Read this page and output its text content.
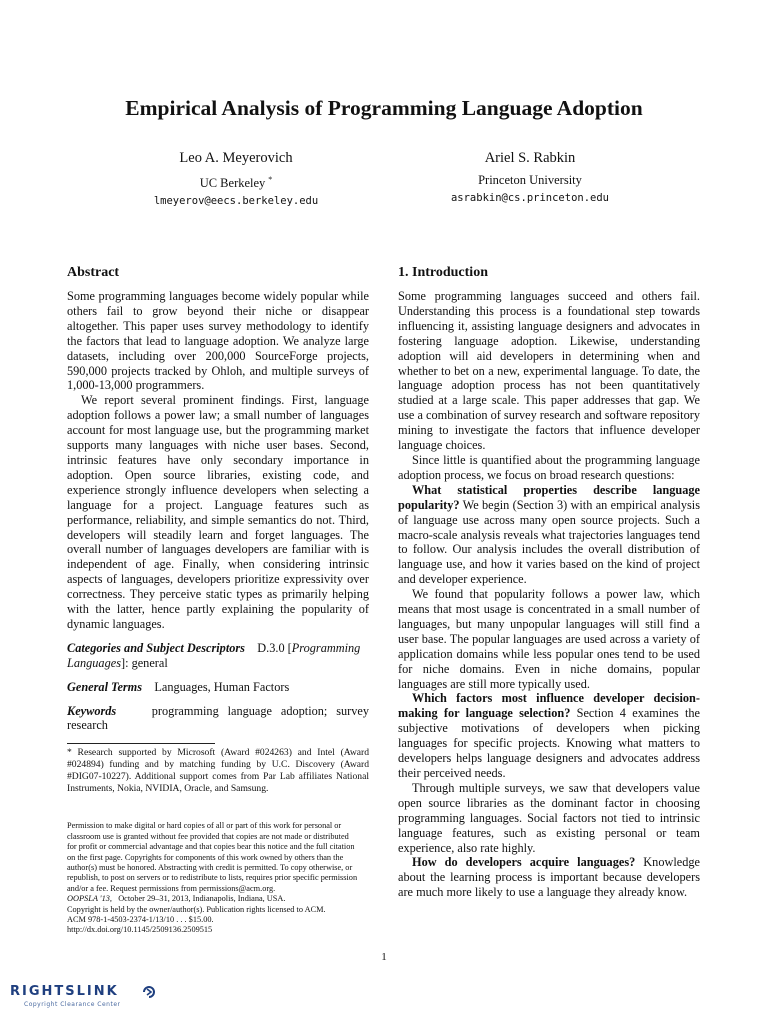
Empirical Analysis of Programming Language Adoption
Leo A. Meyerovich
UC Berkeley *
lmeyerov@eecs.berkeley.edu
Ariel S. Rabkin
Princeton University
asrabkin@cs.princeton.edu
Abstract

Some programming languages become widely popular while others fail to grow beyond their niche or disappear altogether. This paper uses survey methodology to identify the factors that lead to language adoption. We analyze large datasets, including over 200,000 SourceForge projects, 590,000 projects tracked by Ohloh, and multiple surveys of 1,000-13,000 programmers.

We report several prominent findings. First, language adoption follows a power law; a small number of languages account for most language use, but the programming market supports many languages with niche user bases. Second, intrinsic features have only secondary importance in adoption. Open source libraries, existing code, and experience strongly influence developers when selecting a language for a project. Language features such as performance, reliability, and simple semantics do not. Third, developers will steadily learn and forget languages. The overall number of languages developers are familiar with is independent of age. Finally, when considering intrinsic aspects of languages, developers prioritize expressivity over correctness. They perceive static types as primarily helping with the latter, hence partly explaining the popularity of dynamic languages.

Categories and Subject Descriptors D.3.0 [Programming Languages]: general

General Terms Languages, Human Factors

Keywords	programming language adoption; survey research

* Research supported by Microsoft (Award #024263) and Intel (Award #024894) funding and by matching funding by U.C. Discovery (Award #DIG07-10227). Additional support comes from Par Lab affiliates National Instruments, Nokia, NVIDIA, Oracle, and Samsung.
Permission to make digital or hard copies of all or part of this work for personal or
classroom use is granted without fee provided that copies are not made or distributed
for profit or commercial advantage and that copies bear this notice and the full citation
on the first page. Copyrights for components of this work owned by others than the
author(s) must be honored. Abstracting with credit is permitted. To copy otherwise, or
republish, to post on servers or to redistribute to lists, requires prior specific permission
and/or a fee. Request permissions from permissions@acm.org.
OOPSLA '13, October 29–31, 2013, Indianapolis, Indiana, USA.
Copyright is held by the owner/author(s). Publication rights licensed to ACM.
ACM 978-1-4503-2374-1/13/10 . . . $15.00.
http://dx.doi.org/10.1145/2509136.2509515
1. Introduction

Some programming languages succeed and others fail. Understanding this process is a foundational step towards influencing it, assisting language designers and advocates in fostering language adoption. Likewise, understanding adoption will aid developers in determining when and whether to bet on a new, experimental language. To date, the language adoption process has not been quantitatively studied at a large scale. This paper addresses that gap. We use a combination of survey research and software repository mining to investigate the factors that influence developer language choices.

Since little is quantified about the programming language adoption process, we focus on broad research questions:

What statistical properties describe language popularity? We begin (Section 3) with an empirical analysis of language use across many open source projects. Such a macro-scale analysis reveals what trajectories languages tend to follow. Our analysis includes the overall distribution of language use, and how it varies based on the kind of project and developer experience.

We found that popularity follows a power law, which means that most usage is concentrated in a small number of languages, but many unpopular languages will still find a user base. The popular languages are used across a variety of application domains while less popular ones tend to be used for niche domains. Even in niche domains, popular languages are still more typically used.

Which factors most influence developer decision-making for language selection? Section 4 examines the subjective motivations of developers when picking languages for specific projects. Knowing what matters to developers helps language designers and advocates address their perceived needs.

Through multiple surveys, we saw that developers value open source libraries as the dominant factor in choosing programming languages. Social factors not tied to intrinsic language features, such as existing personal or team experience, also rate highly.

How do developers acquire languages? Knowledge about the learning process is important because developers are much more likely to use a language they already know.

1
RIGHTSLINK
Copyright Clearance Center
